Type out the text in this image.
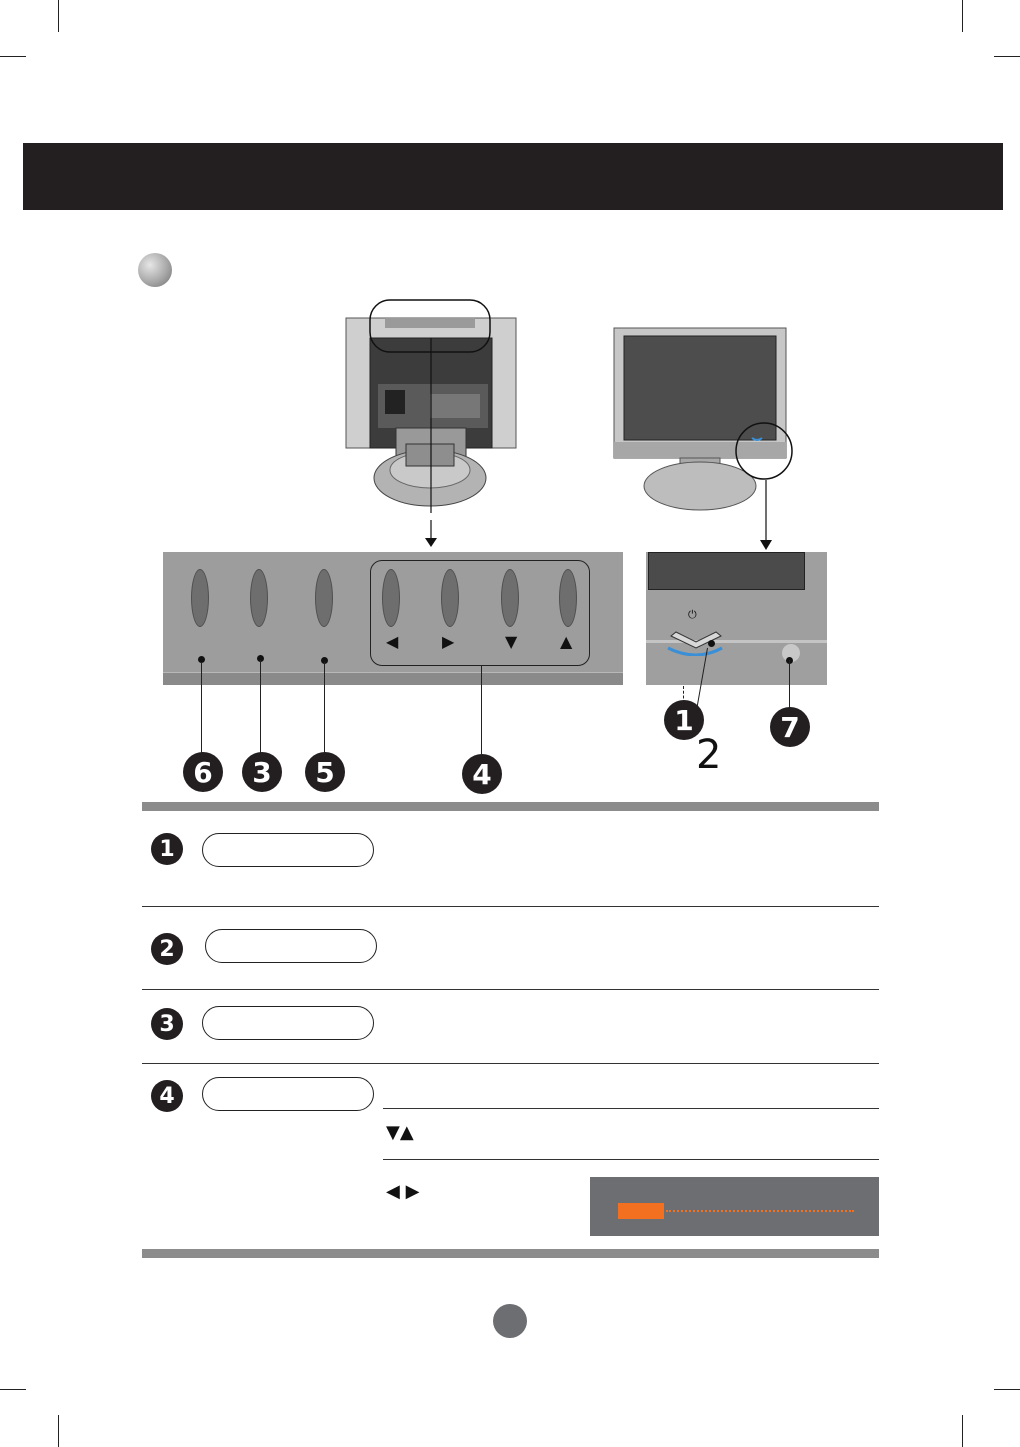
◀	▶	▼	▲
6	3	5	4
⏻
1	7
2
1
2
3
4
▼▲
◀ ▶
